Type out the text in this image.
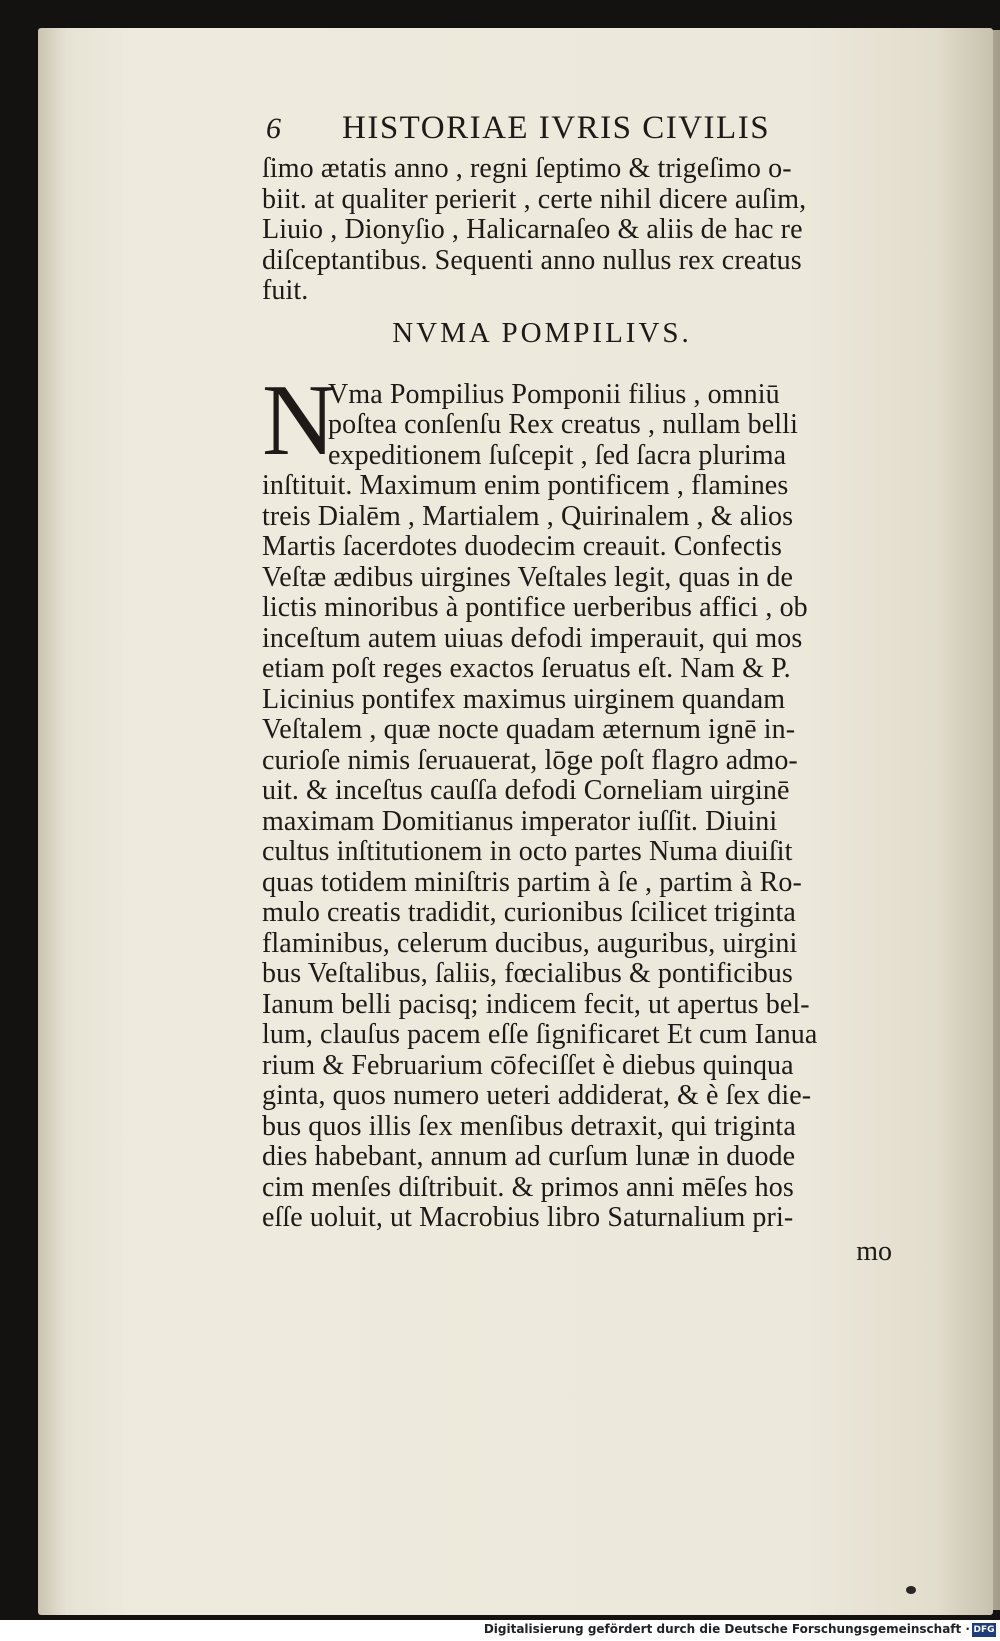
6 HISTORIAE IVRIS CIVILIS
ſimo ætatis anno , regni ſeptimo & trigeſimo o-
biit. at qualiter perierit , certe nihil dicere auſim,
Liuio , Dionyſio , Halicarnaſeo & aliis de hac re
diſceptantibus. Sequenti anno nullus rex creatus
fuit.
NVMA POMPILIVS.
N
Vma Pompilius Pomponii filius , omniū
poſtea conſenſu Rex creatus , nullam belli
expeditionem ſuſcepit , ſed ſacra plurima
inſtituit. Maximum enim pontificem , flamines
treis Dialēm , Martialem , Quirinalem , & alios
Martis ſacerdotes duodecim creauit. Confectis
Veſtæ ædibus uirgines Veſtales legit, quas in de
lictis minoribus à pontifice uerberibus affici , ob
inceſtum autem uiuas defodi imperauit, qui mos
etiam poſt reges exactos ſeruatus eſt. Nam & P.
Licinius pontifex maximus uirginem quandam
Veſtalem , quæ nocte quadam æternum ignē in-
curioſe nimis ſeruauerat, lōge poſt flagro admo-
uit. & inceſtus cauſſa defodi Corneliam uirginē
maximam Domitianus imperator iuſſit. Diuini
cultus inſtitutionem in octo partes Numa diuiſit
quas totidem miniſtris partim à ſe , partim à Ro-
mulo creatis tradidit, curionibus ſcilicet triginta
flaminibus, celerum ducibus, auguribus, uirgini
bus Veſtalibus, ſaliis, fœcialibus & pontificibus
Ianum belli pacisq; indicem fecit, ut apertus bel-
lum, clauſus pacem eſſe ſignificaret Et cum Ianua
rium & Februarium cōfeciſſet è diebus quinqua
ginta, quos numero ueteri addiderat, & è ſex die-
bus quos illis ſex menſibus detraxit, qui triginta
dies habebant, annum ad curſum lunæ in duode
cim menſes diſtribuit. & primos anni mēſes hos
eſſe uoluit, ut Macrobius libro Saturnalium pri-
mo
Digitalisierung gefördert durch die Deutsche Forschungsgemeinschaft · DFG
